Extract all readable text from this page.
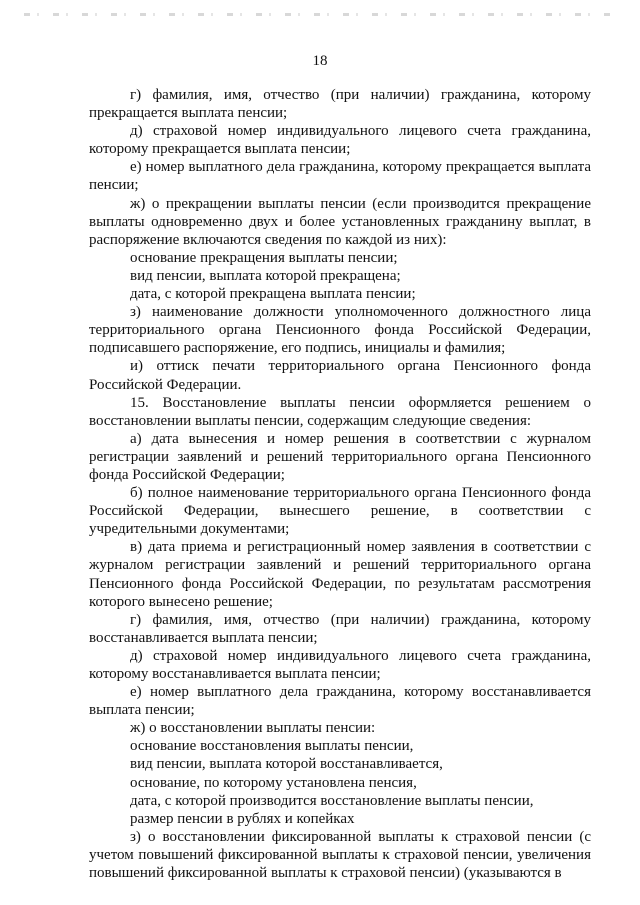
18

г) фамилия, имя, отчество (при наличии) гражданина, которому прекращается выплата пенсии;

д) страховой номер индивидуального лицевого счета гражданина, которому прекращается выплата пенсии;

е) номер выплатного дела гражданина, которому прекращается выплата пенсии;

ж) о прекращении выплаты пенсии (если производится прекращение выплаты одновременно двух и более установленных гражданину выплат, в распоряжение включаются сведения по каждой из них):

основание прекращения выплаты пенсии;

вид пенсии, выплата которой прекращена;

дата, с которой прекращена выплата пенсии;

з) наименование должности уполномоченного должностного лица территориального органа Пенсионного фонда Российской Федерации, подписавшего распоряжение, его подпись, инициалы и фамилия;

и) оттиск печати территориального органа Пенсионного фонда Российской Федерации.

15. Восстановление выплаты пенсии оформляется решением о восстановлении выплаты пенсии, содержащим следующие сведения:

а) дата вынесения и номер решения в соответствии с журналом регистрации заявлений и решений территориального органа Пенсионного фонда Российской Федерации;

б) полное наименование территориального органа Пенсионного фонда Российской Федерации, вынесшего решение, в соответствии с учредительными документами;

в) дата приема и регистрационный номер заявления в соответствии с журналом регистрации заявлений и решений территориального органа Пенсионного фонда Российской Федерации, по результатам рассмотрения которого вынесено решение;

г) фамилия, имя, отчество (при наличии) гражданина, которому восстанавливается выплата пенсии;

д) страховой номер индивидуального лицевого счета гражданина, которому восстанавливается выплата пенсии;

е) номер выплатного дела гражданина, которому восстанавливается выплата пенсии;

ж) о восстановлении выплаты пенсии:

основание восстановления выплаты пенсии,

вид пенсии, выплата которой восстанавливается,

основание, по которому установлена пенсия,

дата, с которой производится восстановление выплаты пенсии,

размер пенсии в рублях и копейках

з) о восстановлении фиксированной выплаты к страховой пенсии (с учетом повышений фиксированной выплаты к страховой пенсии, увеличения повышений фиксированной выплаты к страховой пенсии) (указываются в
